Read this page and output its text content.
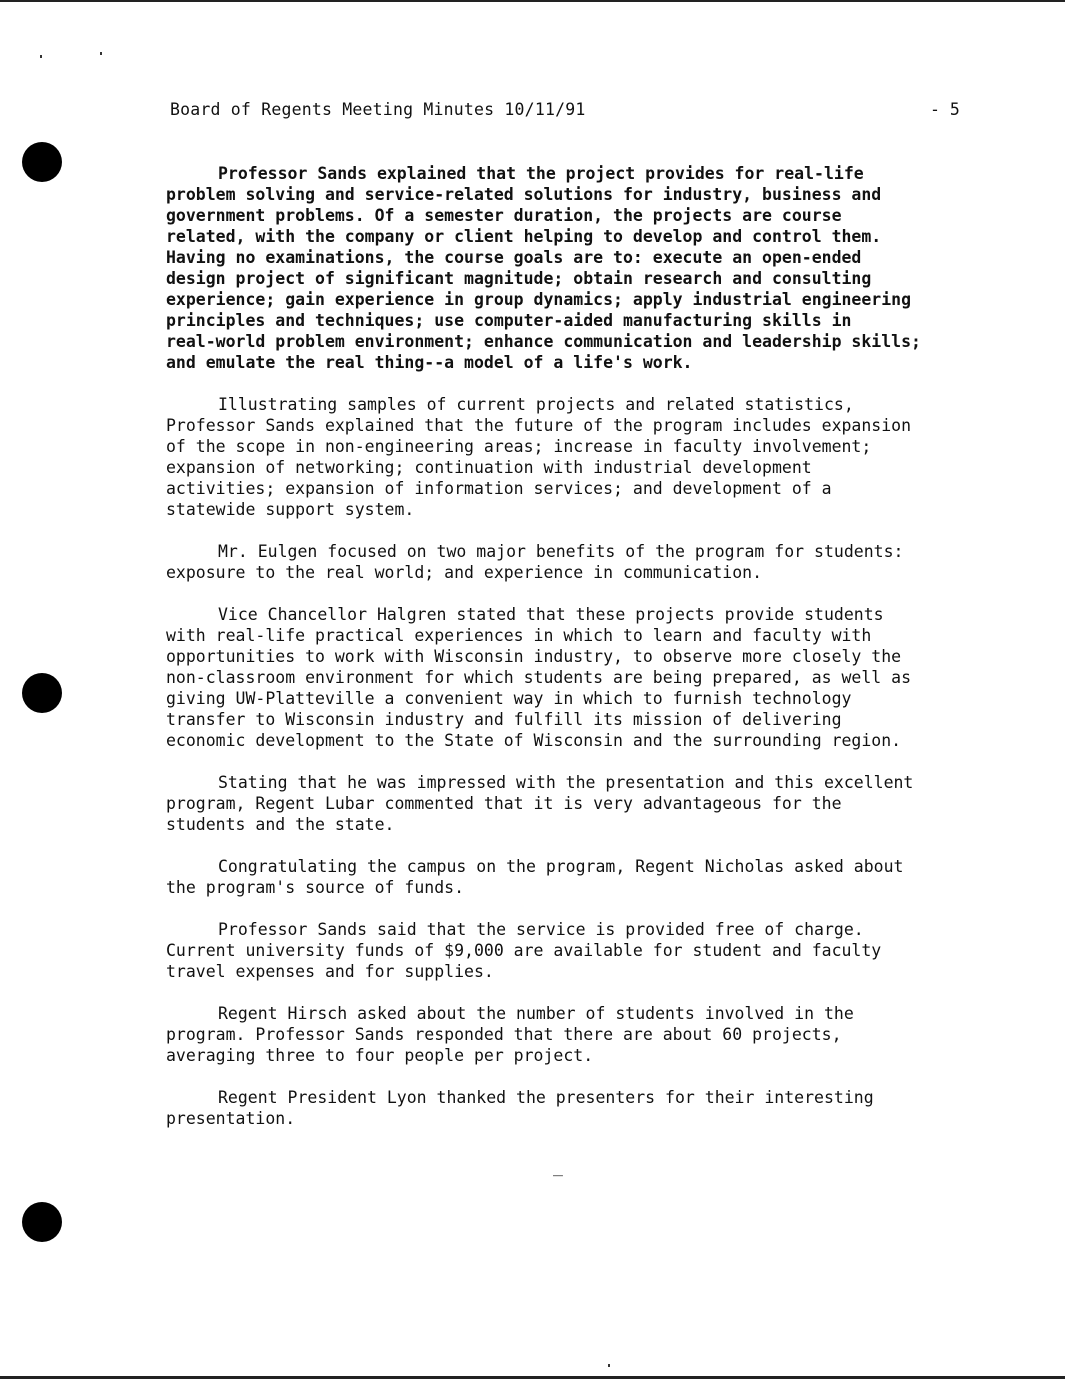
Board of Regents Meeting Minutes 10/11/91	- 5

Professor Sands explained that the project provides for real-life
problem solving and service-related solutions for industry, business and
government problems. Of a semester duration, the projects are course
related, with the company or client helping to develop and control them.
Having no examinations, the course goals are to: execute an open-ended
design project of significant magnitude; obtain research and consulting
experience; gain experience in group dynamics; apply industrial engineering
principles and techniques; use computer-aided manufacturing skills in
real-world problem environment; enhance communication and leadership skills;
and emulate the real thing--a model of a life's work.

Illustrating samples of current projects and related statistics,
Professor Sands explained that the future of the program includes expansion
of the scope in non-engineering areas; increase in faculty involvement;
expansion of networking; continuation with industrial development
activities; expansion of information services; and development of a
statewide support system.

Mr. Eulgen focused on two major benefits of the program for students:
exposure to the real world; and experience in communication.

Vice Chancellor Halgren stated that these projects provide students
with real-life practical experiences in which to learn and faculty with
opportunities to work with Wisconsin industry, to observe more closely the
non-classroom environment for which students are being prepared, as well as
giving UW-Platteville a convenient way in which to furnish technology
transfer to Wisconsin industry and fulfill its mission of delivering
economic development to the State of Wisconsin and the surrounding region.

Stating that he was impressed with the presentation and this excellent
program, Regent Lubar commented that it is very advantageous for the
students and the state.

Congratulating the campus on the program, Regent Nicholas asked about
the program's source of funds.

Professor Sands said that the service is provided free of charge.
Current university funds of $9,000 are available for student and faculty
travel expenses and for supplies.

Regent Hirsch asked about the number of students involved in the
program. Professor Sands responded that there are about 60 projects,
averaging three to four people per project.

Regent President Lyon thanked the presenters for their interesting
presentation.

_
